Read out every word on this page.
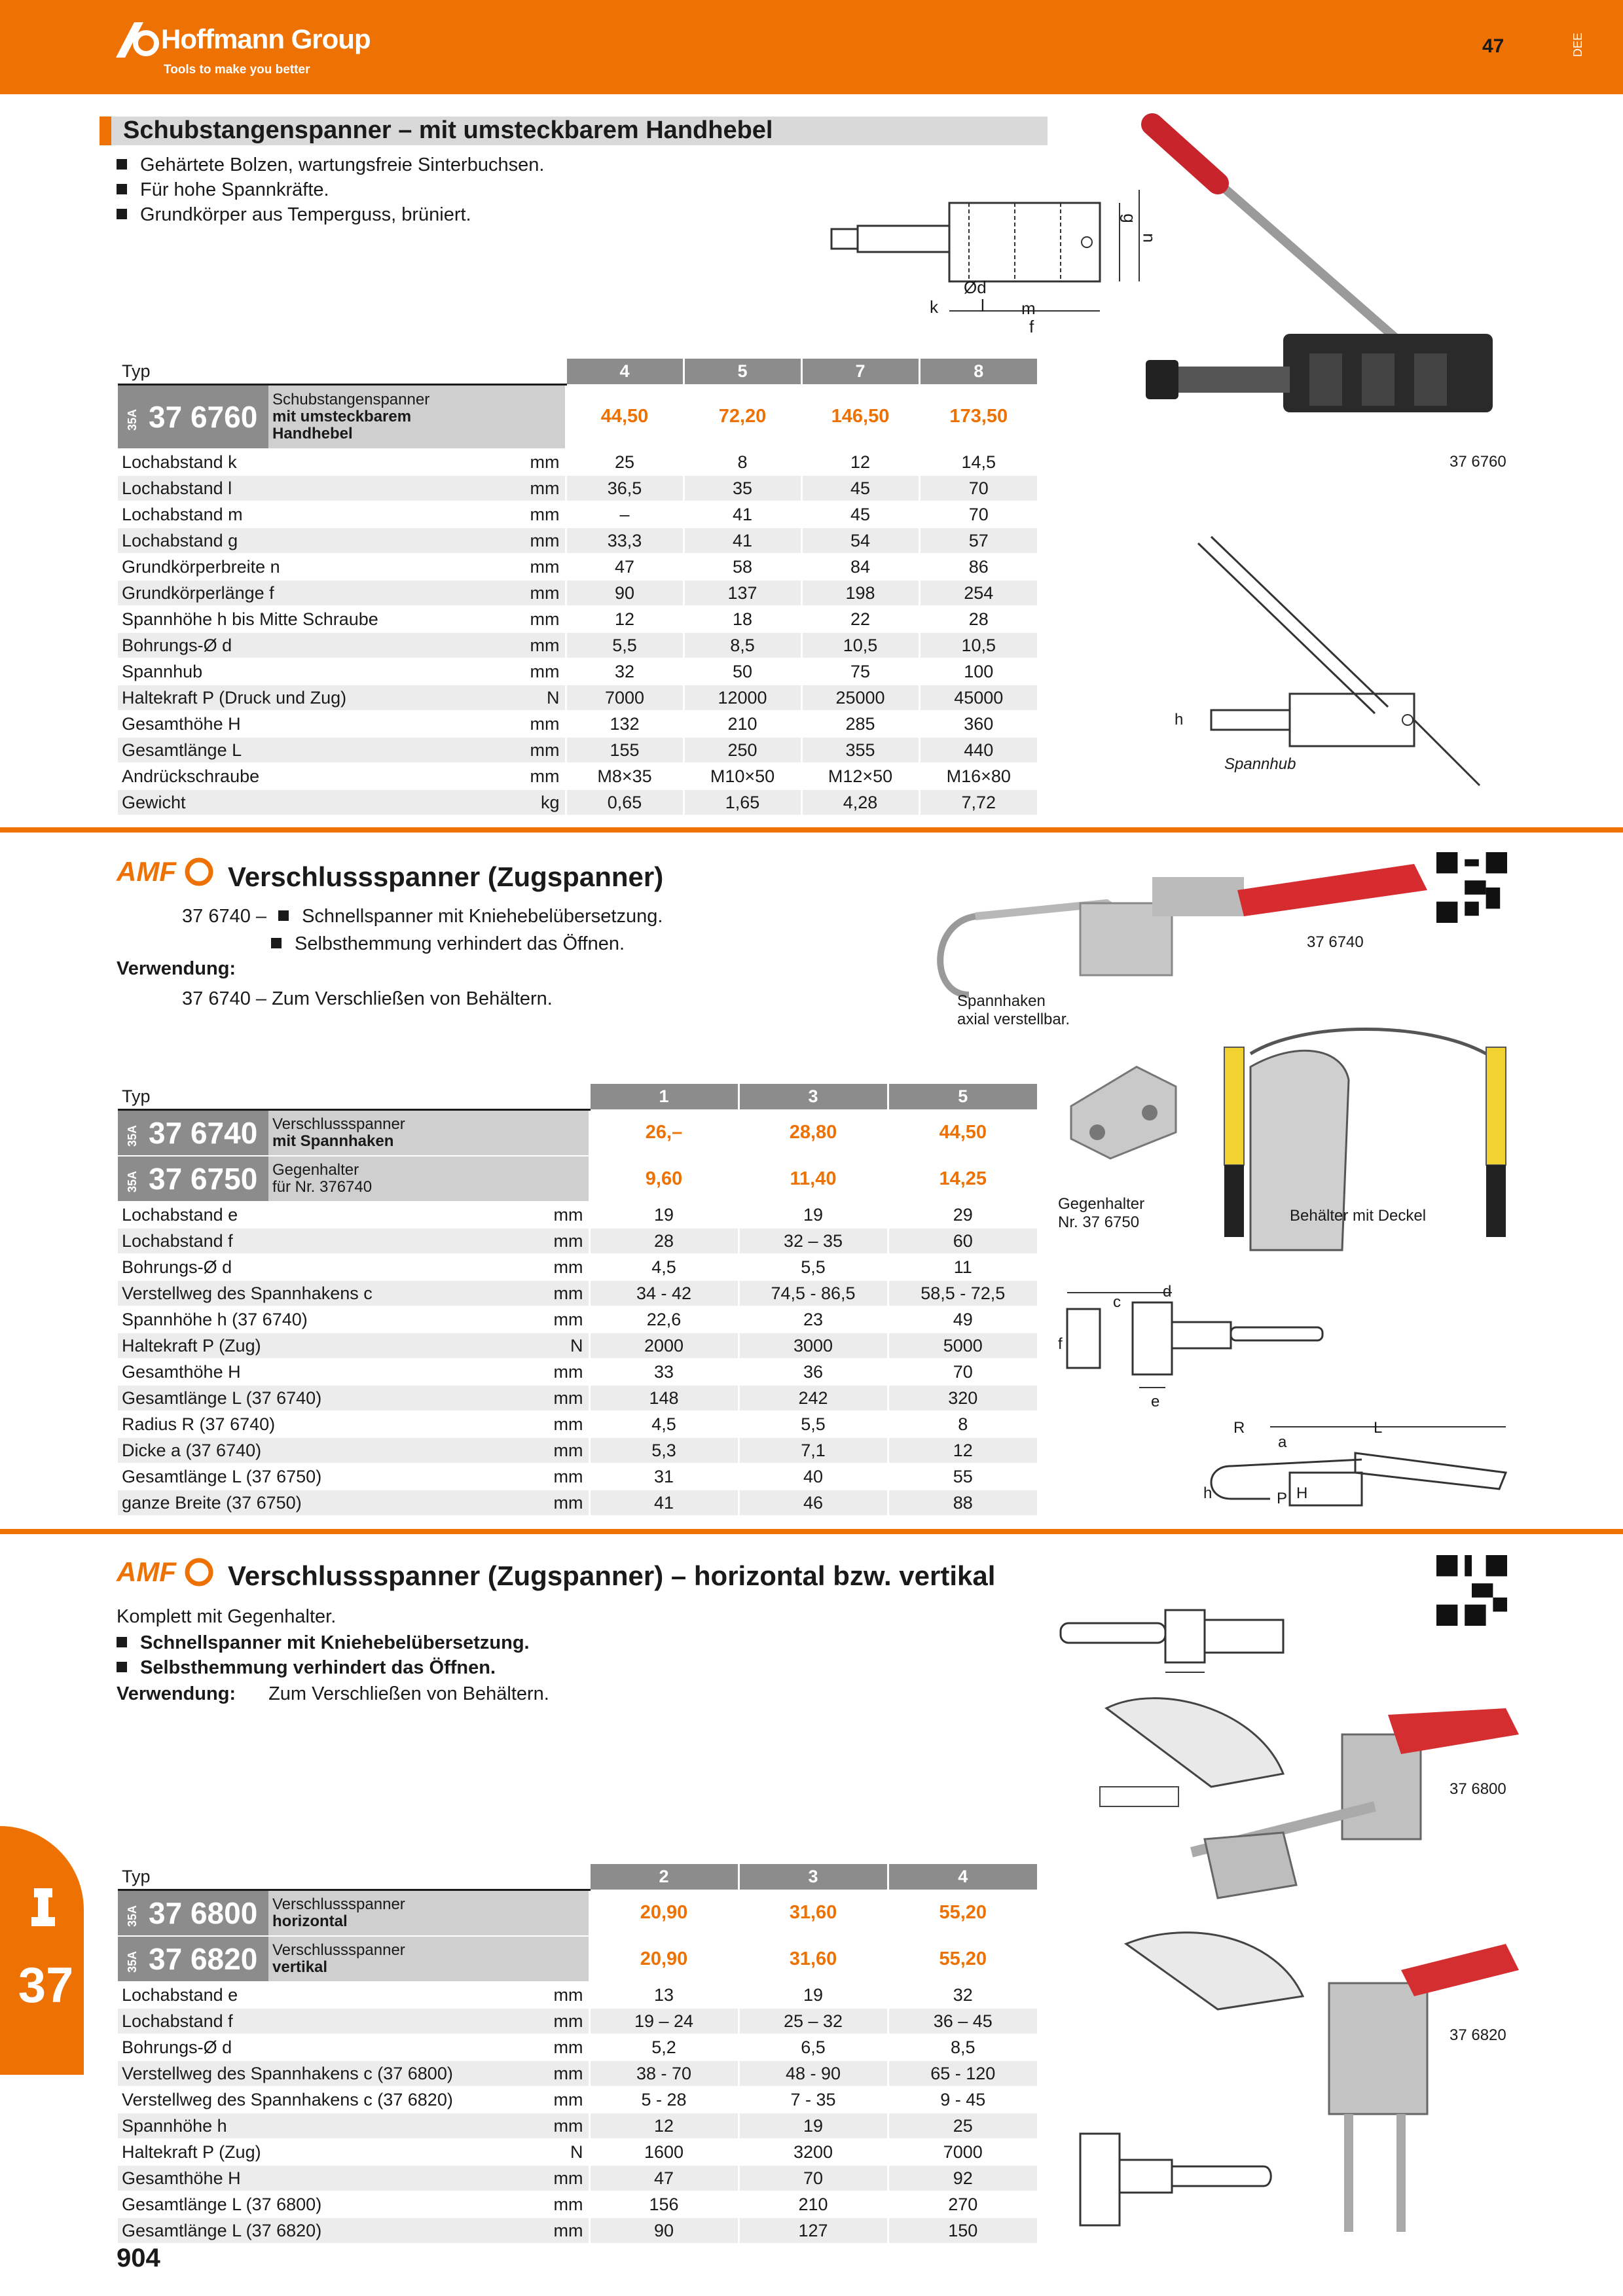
Hoffmann Group
Tools to make you better
47	DEE
Schubstangenspanner – mit umsteckbarem Handhebel
Gehärtete Bolzen, wartungsfreie Sinterbuchsen.
Für hohe Spannkräfte.
Grundkörper aus Temperguss, brüniert.	g
n
Ød
k	l m
f
37 6760
h
Spannhub
Typ			4	5	7	8
35A 37 6760	Schubstangenspanner
mit umsteckbarem
Handhebel		44,50	72,20	146,50	173,50
Lochabstand k		mm	25	8	12	14,5
Lochabstand l		mm	36,5	35	45	70
Lochabstand m		mm	–	41	45	70
Lochabstand g		mm	33,3	41	54	57
Grundkörperbreite n		mm	47	58	84	86
Grundkörperlänge f		mm	90	137	198	254
Spannhöhe h bis Mitte Schraube		mm	12	18	22	28
Bohrungs-Ø d		mm	5,5	8,5	10,5	10,5
Spannhub		mm	32	50	75	100
Haltekraft P (Druck und Zug)		N	7000	12000	25000	45000
Gesamthöhe H		mm	132	210	285	360
Gesamtlänge L		mm	155	250	355	440
Andrückschraube		mm	M8×35	M10×50	M12×50	M16×80
Gewicht		kg	0,65	1,65	4,28	7,72
AMF Verschlussspanner (Zugspanner)
37 6740 – Schnellspanner mit Kniehebelübersetzung.
Selbsthemmung verhindert das Öffnen.
Verwendung:
37 6740 – Zum Verschließen von Behältern.
37 6740
Spannhaken
axial verstellbar.
Gegenhalter
Nr. 37 6750	Behälter mit Deckel
c
d
f
e
R
a
L
h	P H
Typ			1	3	5
35A 37 6740	Verschlussspanner
mit Spannhaken		26,–	28,80	44,50
35A 37 6750	Gegenhalter
für Nr. 376740		9,60	11,40	14,25
Lochabstand e		mm	19	19	29
Lochabstand f		mm	28	32 – 35	60
Bohrungs-Ø d		mm	4,5	5,5	11
Verstellweg des Spannhakens c		mm	34 - 42	74,5 - 86,5	58,5 - 72,5
Spannhöhe h (37 6740)		mm	22,6	23	49
Haltekraft P (Zug)		N	2000	3000	5000
Gesamthöhe H		mm	33	36	70
Gesamtlänge L (37 6740)		mm	148	242	320
Radius R (37 6740)		mm	4,5	5,5	8
Dicke a (37 6740)		mm	5,3	7,1	12
Gesamtlänge L (37 6750)		mm	31	40	55
ganze Breite (37 6750)		mm	41	46	88
AMF Verschlussspanner (Zugspanner) – horizontal bzw. vertikal
Komplett mit Gegenhalter.
Schnellspanner mit Kniehebelübersetzung.
Selbsthemmung verhindert das Öffnen.
Verwendung: Zum Verschließen von Behältern.
37 6800
37 6820
Typ			2	3	4
35A 37 6800	Verschlussspanner
horizontal		20,90	31,60	55,20
35A 37 6820	Verschlussspanner
vertikal		20,90	31,60	55,20
Lochabstand e		mm	13	19	32
Lochabstand f		mm	19 – 24	25 – 32	36 – 45
Bohrungs-Ø d		mm	5,2	6,5	8,5
Verstellweg des Spannhakens c (37 6800)		mm	38 - 70	48 - 90	65 - 120
Verstellweg des Spannhakens c (37 6820)		mm	5 - 28	7 - 35	9 - 45
Spannhöhe h		mm	12	19	25
Haltekraft P (Zug)		N	1600	3200	7000
Gesamthöhe H		mm	47	70	92
Gesamtlänge L (37 6800)		mm	156	210	270
Gesamtlänge L (37 6820)		mm	90	127	150
37
904
